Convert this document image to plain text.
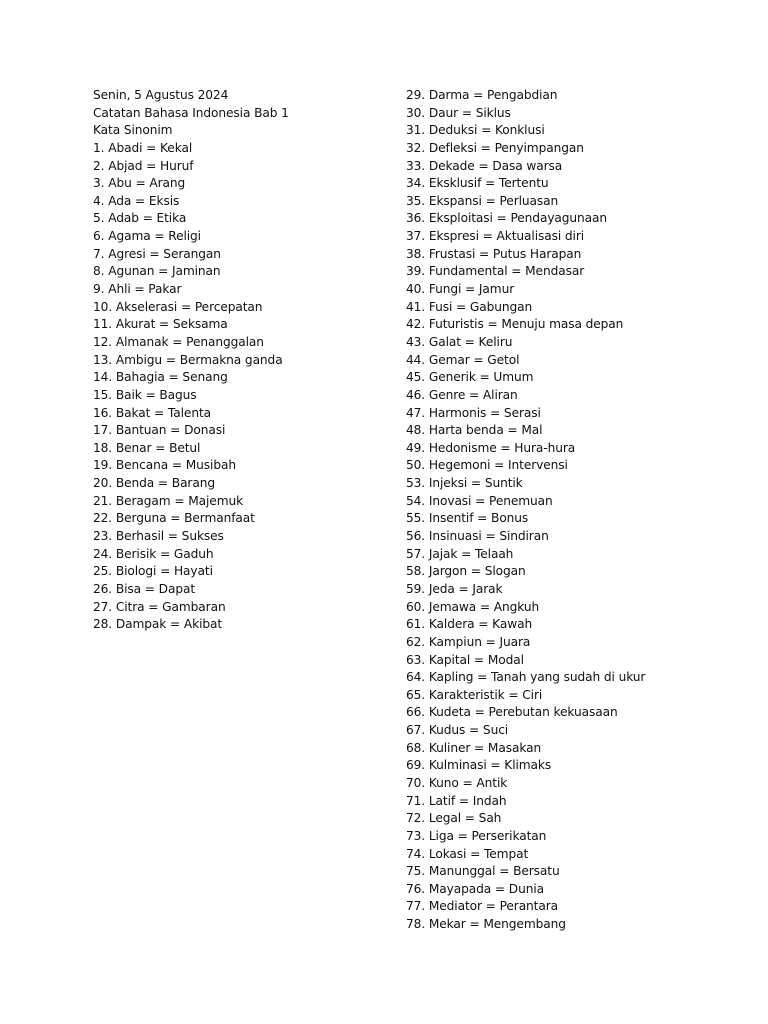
Senin, 5 Agustus 2024
Catatan Bahasa Indonesia Bab 1
Kata Sinonim
1. Abadi = Kekal
2. Abjad = Huruf
3. Abu = Arang
4. Ada = Eksis
5. Adab = Etika
6. Agama = Religi
7. Agresi = Serangan
8. Agunan = Jaminan
9. Ahli = Pakar
10. Akselerasi = Percepatan
11. Akurat = Seksama
12. Almanak = Penanggalan
13. Ambigu = Bermakna ganda
14. Bahagia = Senang
15. Baik = Bagus
16. Bakat = Talenta
17. Bantuan = Donasi
18. Benar = Betul
19. Bencana = Musibah
20. Benda = Barang
21. Beragam = Majemuk
22. Berguna = Bermanfaat
23. Berhasil = Sukses
24. Berisik = Gaduh
25. Biologi = Hayati
26. Bisa = Dapat
27. Citra = Gambaran
28. Dampak = Akibat
29. Darma = Pengabdian
30. Daur = Siklus
31. Deduksi = Konklusi
32. Defleksi = Penyimpangan
33. Dekade = Dasa warsa
34. Eksklusif = Tertentu
35. Ekspansi = Perluasan
36. Eksploitasi = Pendayagunaan
37. Ekspresi = Aktualisasi diri
38. Frustasi = Putus Harapan
39. Fundamental = Mendasar
40. Fungi = Jamur
41. Fusi = Gabungan
42. Futuristis = Menuju masa depan
43. Galat = Keliru
44. Gemar = Getol
45. Generik = Umum
46. Genre = Aliran
47. Harmonis = Serasi
48. Harta benda = Mal
49. Hedonisme = Hura-hura
50. Hegemoni = Intervensi
53. Injeksi = Suntik
54. Inovasi = Penemuan
55. Insentif = Bonus
56. Insinuasi = Sindiran
57. Jajak = Telaah
58. Jargon = Slogan
59. Jeda = Jarak
60. Jemawa = Angkuh
61. Kaldera = Kawah
62. Kampiun = Juara
63. Kapital = Modal
64. Kapling = Tanah yang sudah di ukur
65. Karakteristik = Ciri
66. Kudeta = Perebutan kekuasaan
67. Kudus = Suci
68. Kuliner = Masakan
69. Kulminasi = Klimaks
70. Kuno = Antik
71. Latif = Indah
72. Legal = Sah
73. Liga = Perserikatan
74. Lokasi = Tempat
75. Manunggal = Bersatu
76. Mayapada = Dunia
77. Mediator = Perantara
78. Mekar = Mengembang
